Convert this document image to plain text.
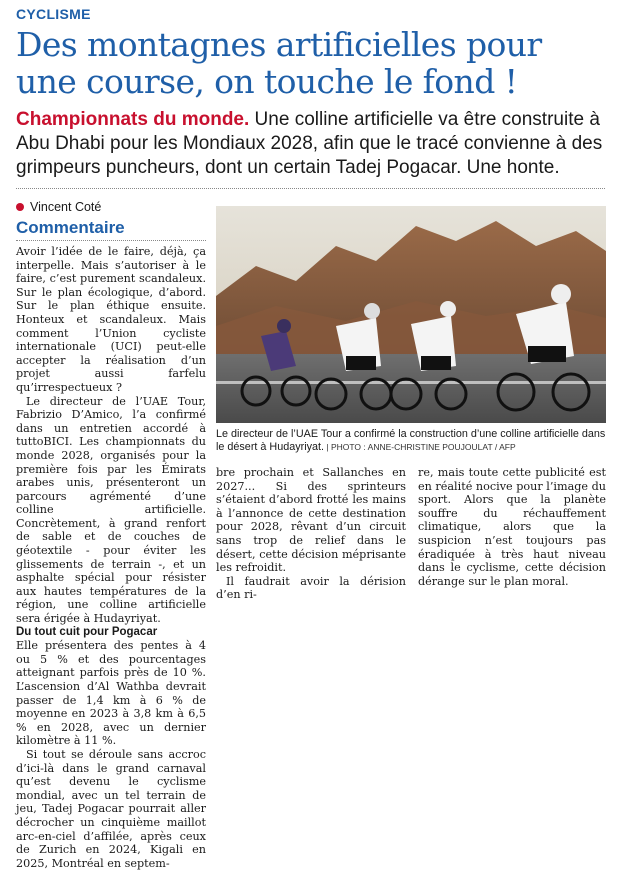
CYCLISME
Des montagnes artificielles pour une course, on touche le fond !
Championnats du monde. Une colline artificielle va être construite à Abu Dhabi pour les Mondiaux 2028, afin que le tracé convienne à des grimpeurs puncheurs, dont un certain Tadej Pogacar. Une honte.
Vincent Coté
Commentaire

Avoir l’idée de le faire, déjà, ça interpelle. Mais s’autoriser à le faire, c’est purement scandaleux. Sur le plan écologique, d’abord. Sur le plan éthique ensuite. Honteux et scandaleux. Mais comment l’Union cycliste internationale (UCI) peut-elle accepter la réalisation d’un projet aussi farfelu qu’irrespectueux ?

Le directeur de l’UAE Tour, Fabrizio D’Amico, l’a confirmé dans un entretien accordé à tuttoBICI. Les championnats du monde 2028, organisés pour la première fois par les Émirats arabes unis, présenteront un parcours agrémenté d’une colline artificielle. Concrètement, à grand renfort de sable et de couches de géotextile - pour éviter les glissements de terrain -, et un asphalte spécial pour résister aux hautes températures de la région, une colline artificielle sera érigée à Hudayriyat.

Du tout cuit pour Pogacar

Elle présentera des pentes à 4 ou 5 % et des pourcentages atteignant parfois près de 10 %. L’ascension d’Al Wathba devrait passer de 1,4 km à 6 % de moyenne en 2023 à 3,8 km à 6,5 % en 2028, avec un dernier kilomètre à 11 %.

Si tout se déroule sans accroc d’ici-là dans le grand carnaval qu’est devenu le cyclisme mondial, avec un tel terrain de jeu, Tadej Pogacar pourrait aller décrocher un cinquième maillot arc-en-ciel d’affilée, après ceux de Zurich en 2024, Kigali en 2025, Montréal en septem-

Le directeur de l’UAE Tour a confirmé la construction d’une colline artificielle dans le désert à Hudayriyat. | PHOTO : ANNE-CHRISTINE POUJOULAT / AFP

bre prochain et Sallanches en 2027... Si des sprinteurs s’étaient d’abord frotté les mains à l’annonce de cette destination pour 2028, rêvant d’un circuit sans trop de relief dans le désert, cette décision méprisante les refroidit.

Il faudrait avoir la dérision d’en ri-

re, mais toute cette publicité est en réalité nocive pour l’image du sport. Alors que la planète souffre du réchauffement climatique, alors que la suspicion n’est toujours pas éradiquée à très haut niveau dans le cyclisme, cette décision dérange sur le plan moral.
